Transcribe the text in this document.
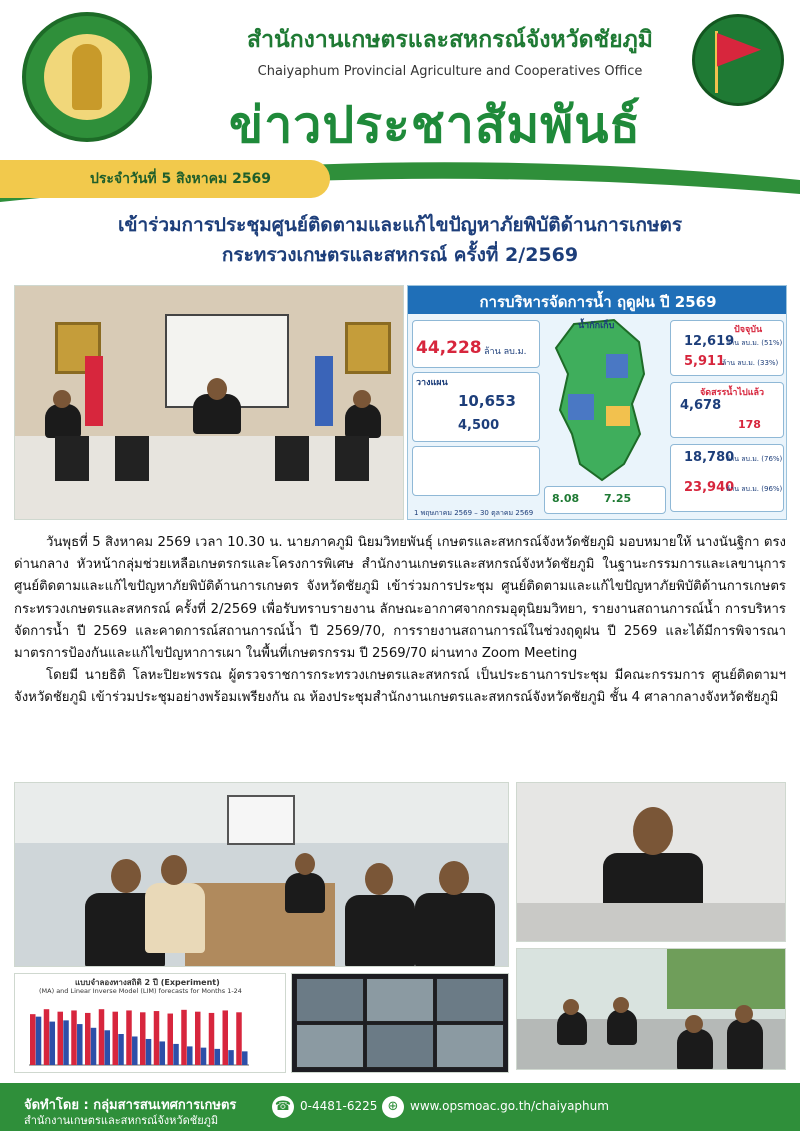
สำนักงานเกษตรและสหกรณ์จังหวัดชัยภูมิ
Chaiyaphum Provincial Agriculture and Cooperatives Office
ข่าวประชาสัมพันธ์
ประจำวันที่ 5 สิงหาคม 2569
เข้าร่วมการประชุมศูนย์ติดตามและแก้ไขปัญหาภัยพิบัติด้านการเกษตร
กระทรวงเกษตรและสหกรณ์ ครั้งที่ 2/2569
การบริหารจัดการน้ำ ฤดูฝน ปี 2569
44,228 ล้าน ลบ.ม.
วางแผน
10,653
4,500
น้ำกักเก็บ	ปัจจุบัน
12,619
ล้าน ลบ.ม. (51%)
5,911
ล้าน ลบ.ม. (33%)
จัดสรรน้ำไปแล้ว
4,678
178
18,780
ล้าน ลบ.ม. (76%)
23,940
ล้าน ลบ.ม. (96%)
8.08 7.25
1 พฤษภาคม 2569 – 30 ตุลาคม 2569

วันพุธที่ 5 สิงหาคม 2569 เวลา 10.30 น. นายภาคภูมิ นิยมวิทยพันธุ์ เกษตรและสหกรณ์จังหวัดชัยภูมิ มอบหมายให้ นางนันฐิกา ตรงด่านกลาง หัวหน้ากลุ่มช่วยเหลือเกษตรกรและโครงการพิเศษ สำนักงานเกษตรและสหกรณ์จังหวัดชัยภูมิ ในฐานะกรรมการและเลขานุการ ศูนย์ติดตามและแก้ไขปัญหาภัยพิบัติด้านการเกษตร จังหวัดชัยภูมิ เข้าร่วมการประชุม ศูนย์ติดตามและแก้ไขปัญหาภัยพิบัติด้านการเกษตร กระทรวงเกษตรและสหกรณ์ ครั้งที่ 2/2569 เพื่อรับทราบรายงาน ลักษณะอากาศจากกรมอุตุนิยมวิทยา, รายงานสถานการณ์น้ำ การบริหารจัดการน้ำ ปี 2569 และคาดการณ์สถานการณ์น้ำ ปี 2569/70, การรายงานสถานการณ์ในช่วงฤดูฝน ปี 2569 และได้มีการพิจารณามาตรการป้องกันและแก้ไขปัญหาการเผา ในพื้นที่เกษตรกรรม ปี 2569/70 ผ่านทาง Zoom Meeting

โดยมี นายธิติ โลหะปิยะพรรณ ผู้ตรวจราชการกระทรวงเกษตรและสหกรณ์ เป็นประธานการประชุม มีคณะกรรมการ ศูนย์ติดตามฯ จังหวัดชัยภูมิ เข้าร่วมประชุมอย่างพร้อมเพรียงกัน ณ ห้องประชุมสำนักงานเกษตรและสหกรณ์จังหวัดชัยภูมิ ชั้น 4 ศาลากลางจังหวัดชัยภูมิ

แบบจำลองทางสถิติ 2 ปี (Experiment)
(MA) and Linear Inverse Model (LIM) forecasts for Months 1-24
จัดทำโดย : กลุ่มสารสนเทศการเกษตร
สำนักงานเกษตรและสหกรณ์จังหวัดชัยภูมิ
☎ 0-4481-6225 ⊕ www.opsmoac.go.th/chaiyaphum
